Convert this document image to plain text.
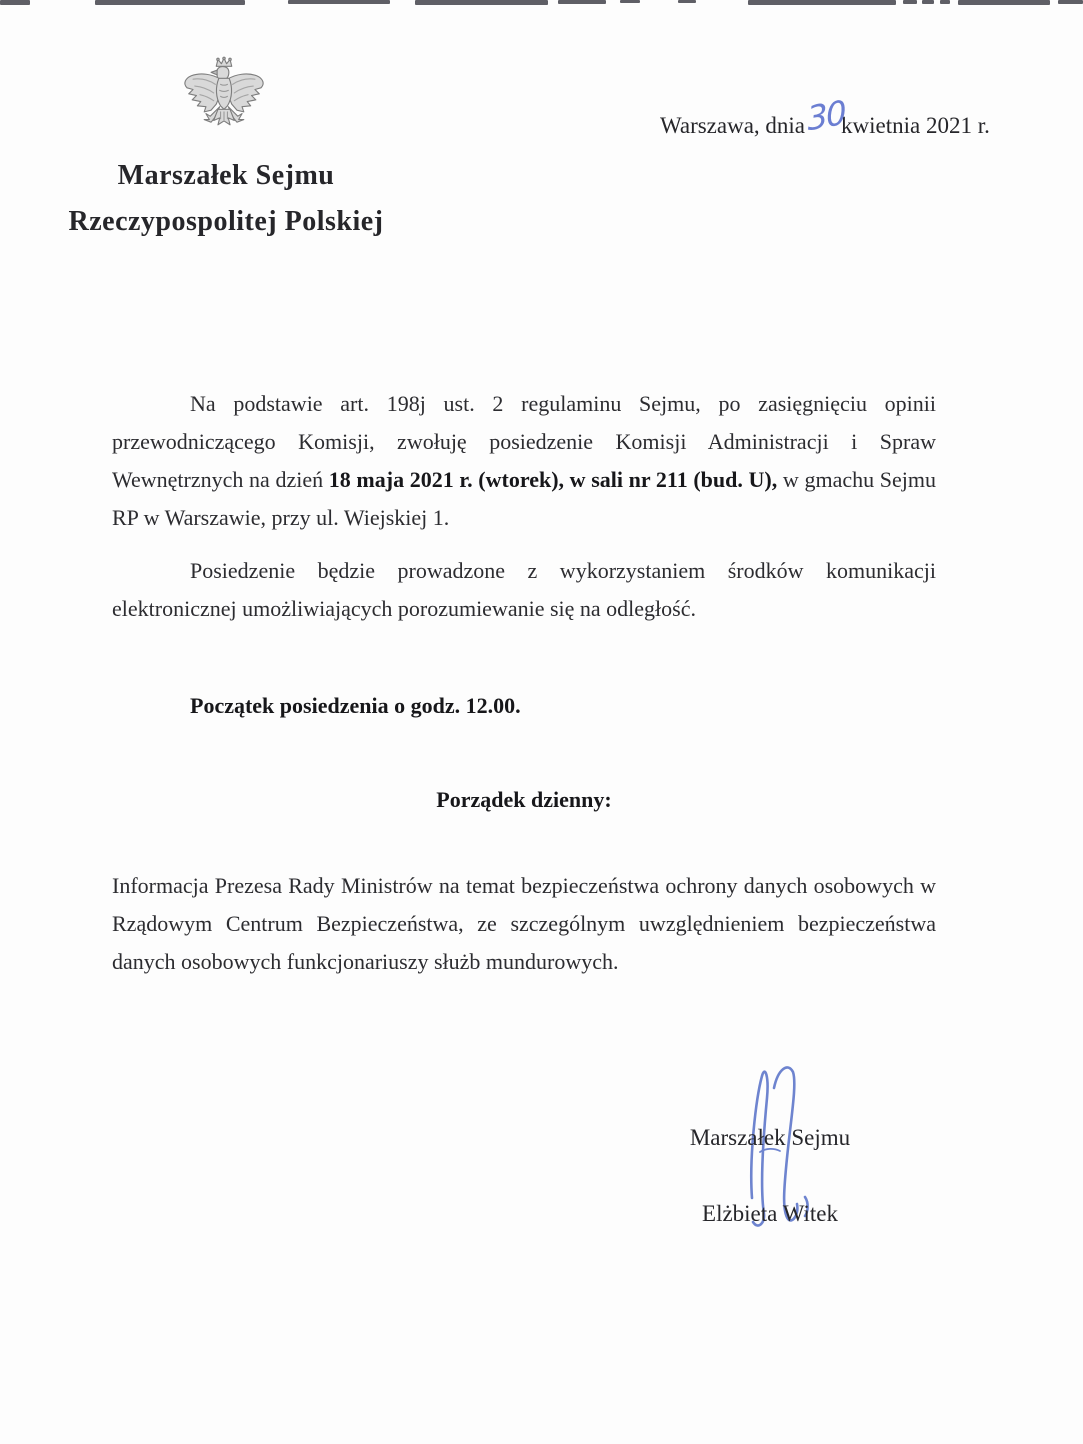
Marszałek Sejmu
Rzeczypospolitej Polskiej
Warszawa, dnia30kwietnia 2021 r.

Na podstawie art. 198j ust. 2 regulaminu Sejmu, po zasięgnięciu opinii przewodniczącego Komisji, zwołuję posiedzenie Komisji Administracji i Spraw Wewnętrznych na dzień 18 maja 2021 r. (wtorek), w sali nr 211 (bud. U), w gmachu Sejmu RP w Warszawie, przy ul. Wiejskiej 1.

Posiedzenie będzie prowadzone z wykorzystaniem środków komunikacji elektronicznej umożliwiających porozumiewanie się na odległość.

Początek posiedzenia o godz. 12.00.

Porządek dzienny:

Informacja Prezesa Rady Ministrów na temat bezpieczeństwa ochrony danych osobowych w Rządowym Centrum Bezpieczeństwa, ze szczególnym uwzględnieniem bezpieczeństwa danych osobowych funkcjonariuszy służb mundurowych.

Marszałek Sejmu
Elżbieta Witek
